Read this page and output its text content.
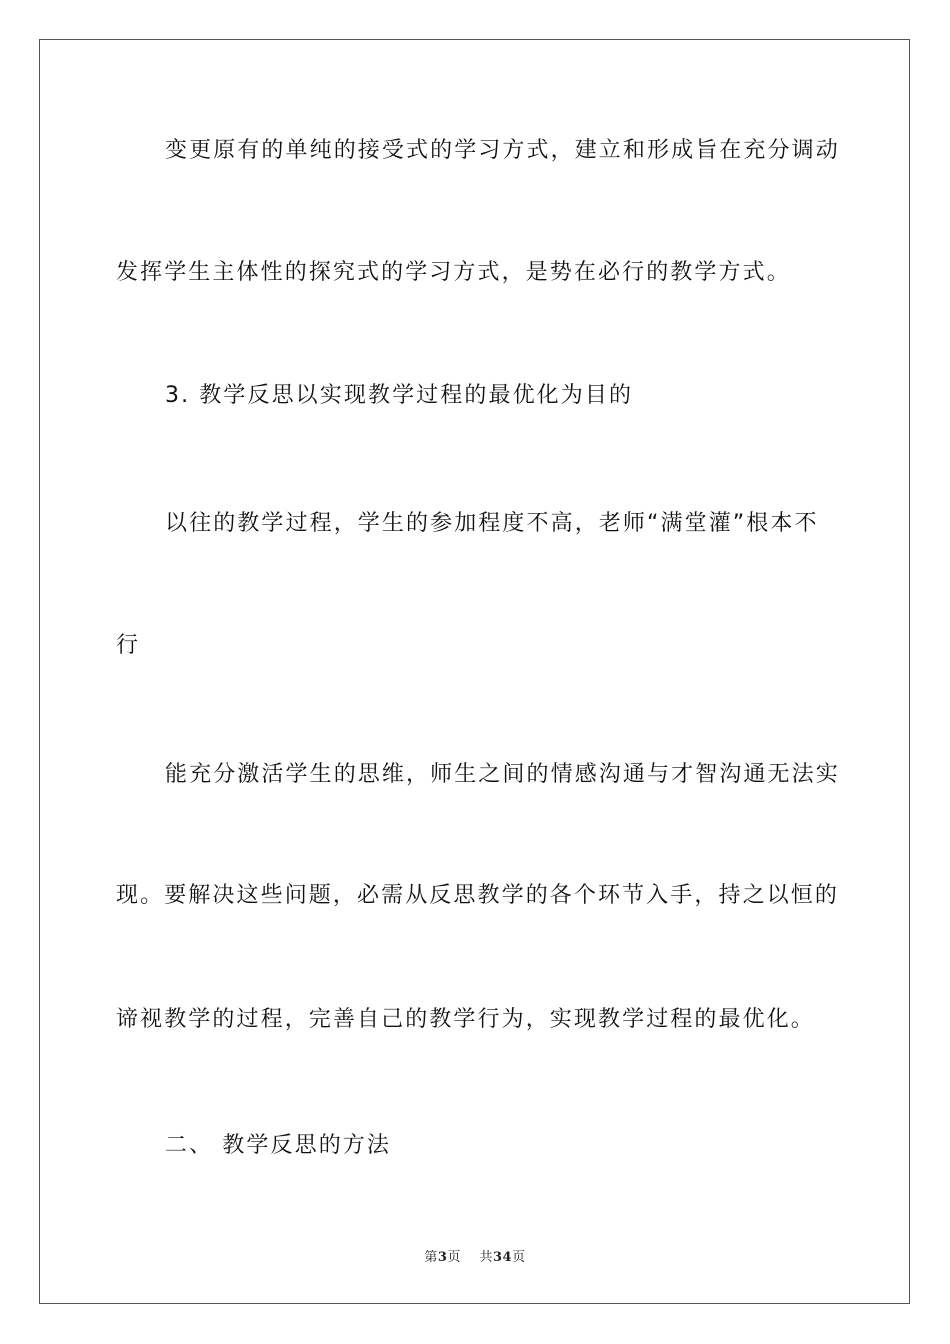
变更原有的单纯的接受式的学习方式，建立和形成旨在充分调动
发挥学生主体性的探究式的学习方式，是势在必行的教学方式。
3. 教学反思以实现教学过程的最优化为目的
以往的教学过程，学生的参加程度不高，老师“满堂灌”根本不
行
能充分激活学生的思维，师生之间的情感沟通与才智沟通无法实
现。要解决这些问题，必需从反思教学的各个环节入手，持之以恒的
谛视教学的过程，完善自己的教学行为，实现教学过程的最优化。
二、 教学反思的方法
第3页 共34页
